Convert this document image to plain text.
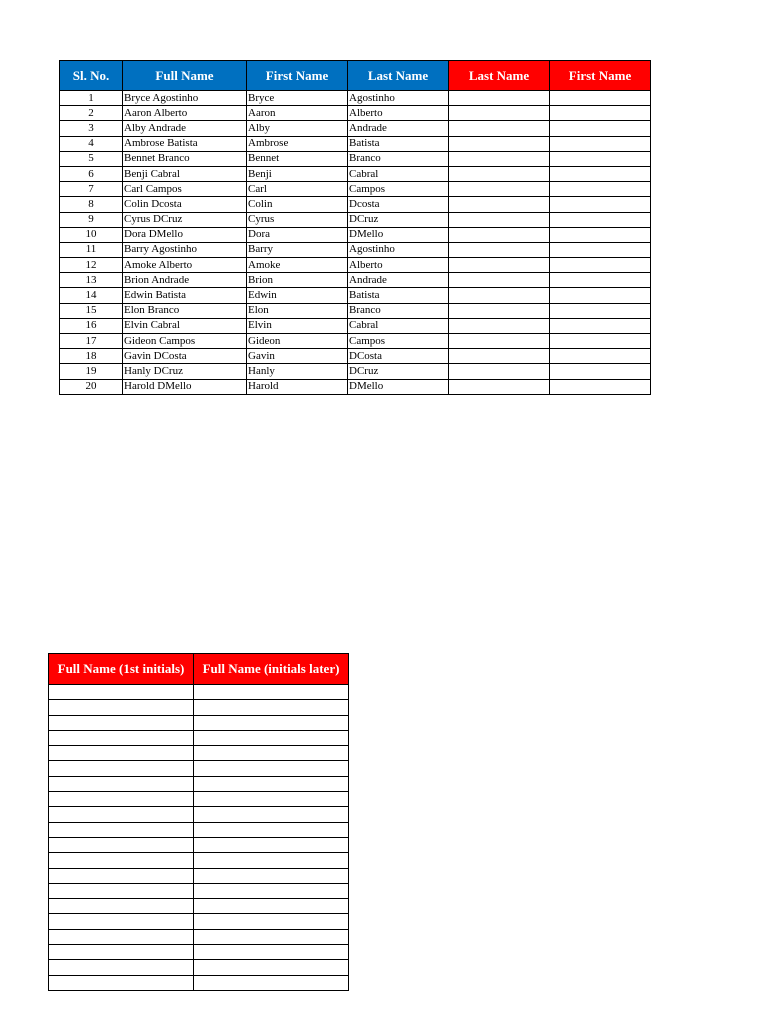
Sl. No.	Full Name	First Name	Last Name	Last Name	First Name
1	Bryce Agostinho	Bryce	Agostinho		
2	Aaron Alberto	Aaron	Alberto		
3	Alby Andrade	Alby	Andrade		
4	Ambrose Batista	Ambrose	Batista		
5	Bennet Branco	Bennet	Branco		
6	Benji Cabral	Benji	Cabral		
7	Carl Campos	Carl	Campos		
8	Colin Dcosta	Colin	Dcosta		
9	Cyrus DCruz	Cyrus	DCruz		
10	Dora DMello	Dora	DMello		
11	Barry Agostinho	Barry	Agostinho		
12	Amoke Alberto	Amoke	Alberto		
13	Brion Andrade	Brion	Andrade		
14	Edwin Batista	Edwin	Batista		
15	Elon Branco	Elon	Branco		
16	Elvin Cabral	Elvin	Cabral		
17	Gideon Campos	Gideon	Campos		
18	Gavin DCosta	Gavin	DCosta		
19	Hanly DCruz	Hanly	DCruz		
20	Harold DMello	Harold	DMello		
Full Name (1st initials)	Full Name (initials later)
